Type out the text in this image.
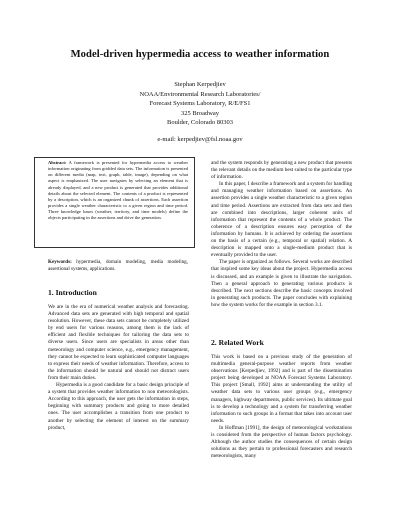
Model-driven hypermedia access to weather information
Stephan Kerpedjiev
NOAA/Environmental Research Laboratories/
Forecast Systems Laboratory, R/E/FS1
325 Broadway
Boulder, Colorado 80303
e-mail: kerpedjiev@fsl.noaa.gov
Abstract: A framework is presented for hypermedia access to weather information originating from gridded data sets. The information is presented on different media (map, text, graph, table, image), depending on what aspect is emphasized. The user navigates by selecting an element that is already displayed, and a new product is generated that provides additional details about the selected element. The contents of a product is represented by a description, which is an organized chunk of assertions. Each assertion provides a single weather characteristic to a given region and time period. Three knowledge bases (weather, territory, and time models) define the objects participating in the assertions and drive the generation.
Keywords: hypermedia, domain modeling, media modeling, assertional systems, applications.
1. Introduction

We are in the era of numerical weather analysis and forecasting. Advanced data sets are generated with high temporal and spatial resolution. However, these data sets cannot be completely utilized by end users for various reasons, among them is the lack of efficient and flexible techniques for tailoring the data sets to diverse users. Since users are specialists in areas other than meteorology and computer science, e.g., emergency management, they cannot be expected to learn sophisticated computer languages to express their needs of weather information. Therefore, access to the information should be natural and should not distract users from their main duties.

Hypermedia is a good candidate for a basic design principle of a system that provides weather information to non meteorologists. According to this approach, the user gets the information in steps, beginning with summary products and going to more detailed ones. The user accomplishes a transition from one product to another by selecting the element of interest on the summary product,

and the system responds by generating a new product that presents the relevant details on the medium best suited to the particular type of information.

In this paper, I describe a framework and a system for handling and managing weather information based on assertions. An assertion provides a single weather characteristic to a given region and time period. Assertions are extracted from data sets and then are combined into descriptions, larger coherent units of information that represent the contents of a whole product. The coherence of a description ensures easy perception of the information by humans. It is achieved by ordering the assertions on the basis of a certain (e.g., temporal or spatial) relation. A description is mapped onto a single-medium product that is eventually provided to the user.

The paper is organized as follows. Several works are described that inspired some key ideas about the project. Hypermedia access is discussed, and an example is given to illustrate the navigation. Then a general approach to generating various products is described. The next sections describe the basic concepts involved in generating such products. The paper concludes with explaining how the system works for the example in section 3.1.

2. Related Work

This work is based on a previous study of the generation of multimedia general-purpose weather reports from weather observations [Kerpedjiev, 1992] and is part of the dissemination project being developed at NOAA Forecast Systems Laboratory. This project [Small, 1992] aims at understanding the utility of weather data sets to various user groups (e.g., emergency managers, highway departments, public services). Its ultimate goal is to develop a technology and a system for transferring weather information to such groups in a format that takes into account user needs.

In Hoffman [1991], the design of meteorological workstations is considered from the perspective of human factors psychology. Although the author studies the consequences of certain design solutions as they pertain to professional forecasters and research meteorologists, many
